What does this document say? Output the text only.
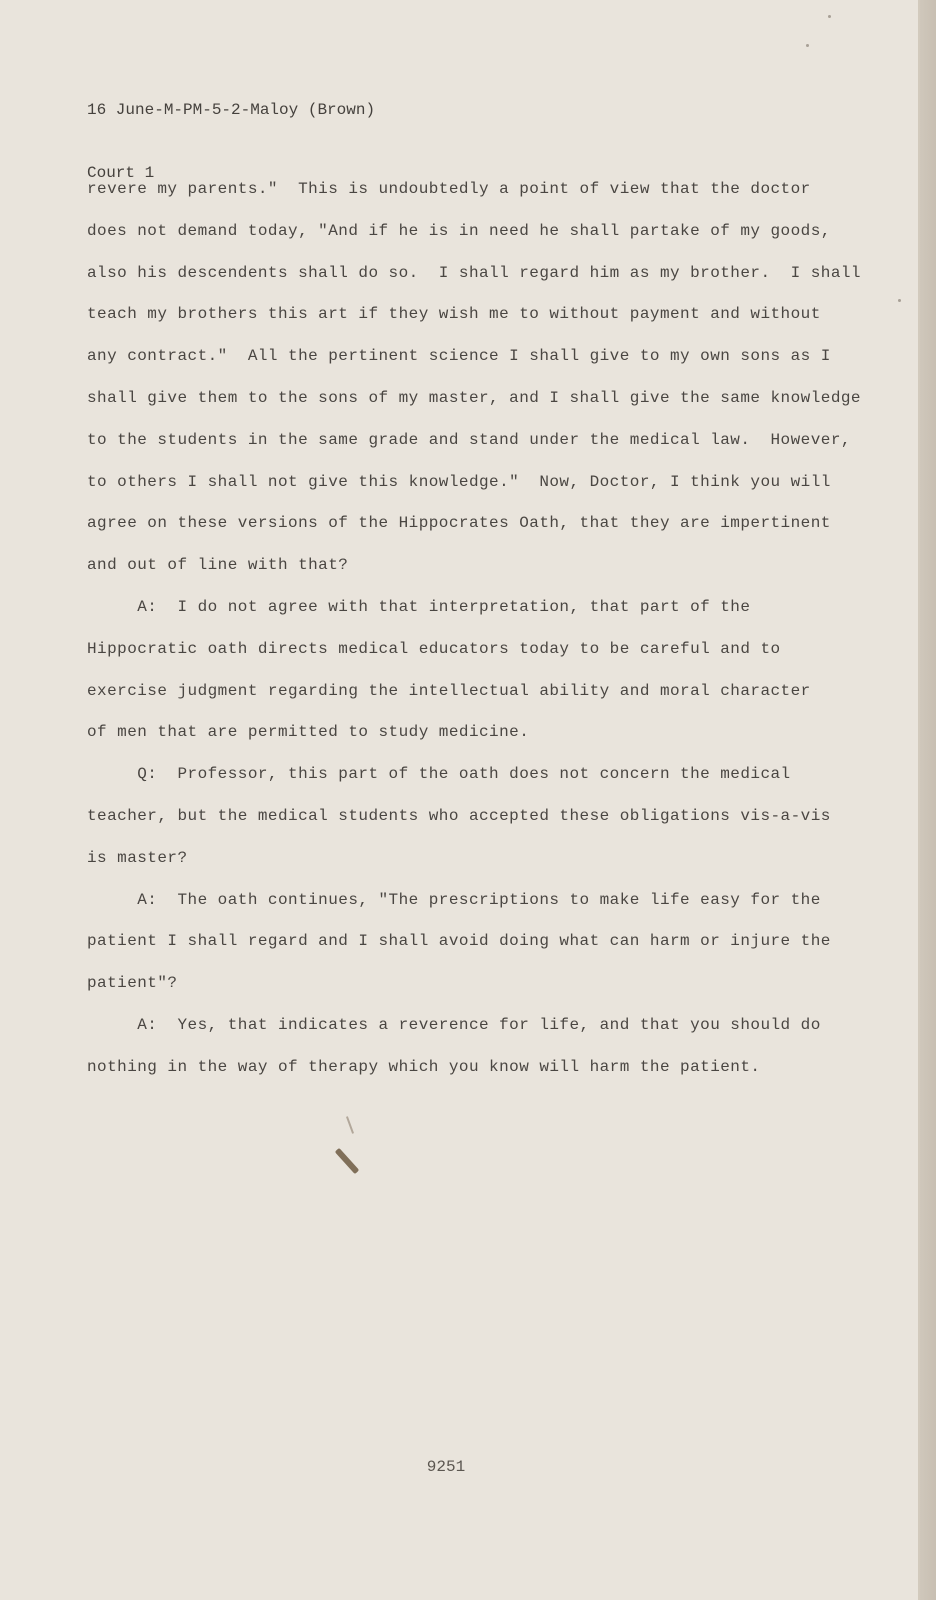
16 June-M-PM-5-2-Maloy (Brown)

Court 1

revere my parents."  This is undoubtedly a point of view that the doctor

does not demand today, "And if he is in need he shall partake of my goods,

also his descendents shall do so.  I shall regard him as my brother.  I shall

teach my brothers this art if they wish me to without payment and without

any contract."  All the pertinent science I shall give to my own sons as I

shall give them to the sons of my master, and I shall give the same knowledge

to the students in the same grade and stand under the medical law.  However,

to others I shall not give this knowledge."  Now, Doctor, I think you will

agree on these versions of the Hippocrates Oath, that they are impertinent

and out of line with that?

A:  I do not agree with that interpretation, that part of the

Hippocratic oath directs medical educators today to be careful and to

exercise judgment regarding the intellectual ability and moral character

of men that are permitted to study medicine.

Q:  Professor, this part of the oath does not concern the medical

teacher, but the medical students who accepted these obligations vis-a-vis

is master?

A:  The oath continues, "The prescriptions to make life easy for the

patient I shall regard and I shall avoid doing what can harm or injure the

patient"?

A:  Yes, that indicates a reverence for life, and that you should do

nothing in the way of therapy which you know will harm the patient.

9251
